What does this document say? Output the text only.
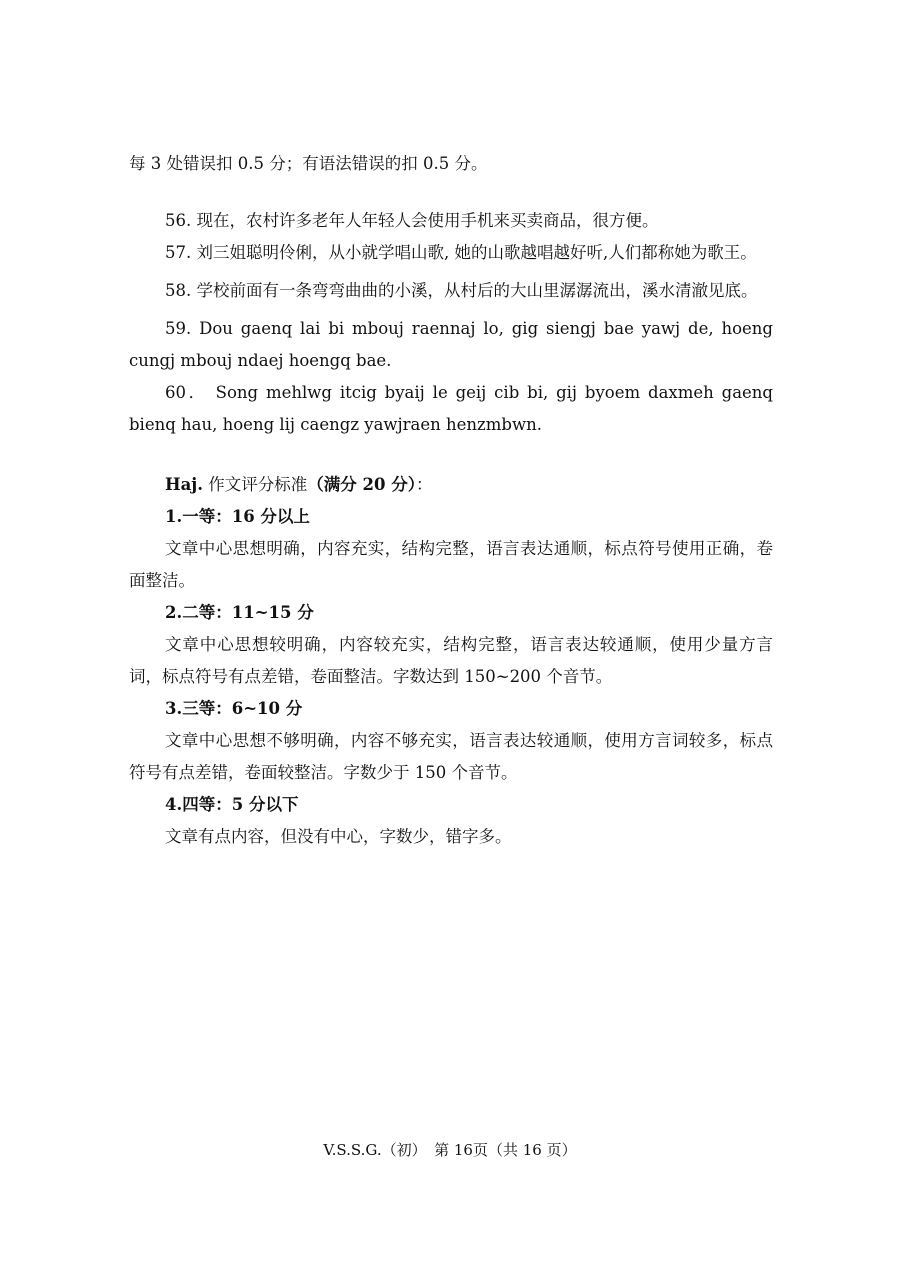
每 3 处错误扣 0.5 分；有语法错误的扣 0.5 分。

56. 现在，农村许多老年人年轻人会使用手机来买卖商品，很方便。

57. 刘三姐聪明伶俐，从小就学唱山歌, 她的山歌越唱越好听,人们都称她为歌王。

58. 学校前面有一条弯弯曲曲的小溪，从村后的大山里潺潺流出，溪水清澈见底。

59. Dou gaenq lai bi mbouj raennaj lo, gig siengj bae yawj de, hoeng cungj mbouj ndaej hoengq bae.

60． Song mehlwg itcig byaij le geij cib bi, gij byoem daxmeh gaenq bienq hau, hoeng lij caengz yawjraen henzmbwn.

Haj. 作文评分标准（满分 20 分）：

1.一等：16 分以上

文章中心思想明确，内容充实，结构完整，语言表达通顺，标点符号使用正确，卷面整洁。

2.二等：11~15 分

文章中心思想较明确，内容较充实，结构完整，语言表达较通顺，使用少量方言词，标点符号有点差错，卷面整洁。字数达到 150~200 个音节。

3.三等：6~10 分

文章中心思想不够明确，内容不够充实，语言表达较通顺，使用方言词较多，标点符号有点差错，卷面较整洁。字数少于 150 个音节。

4.四等：5 分以下

文章有点内容，但没有中心，字数少，错字多。

V.S.S.G.（初）　第 16页（共 16 页）
